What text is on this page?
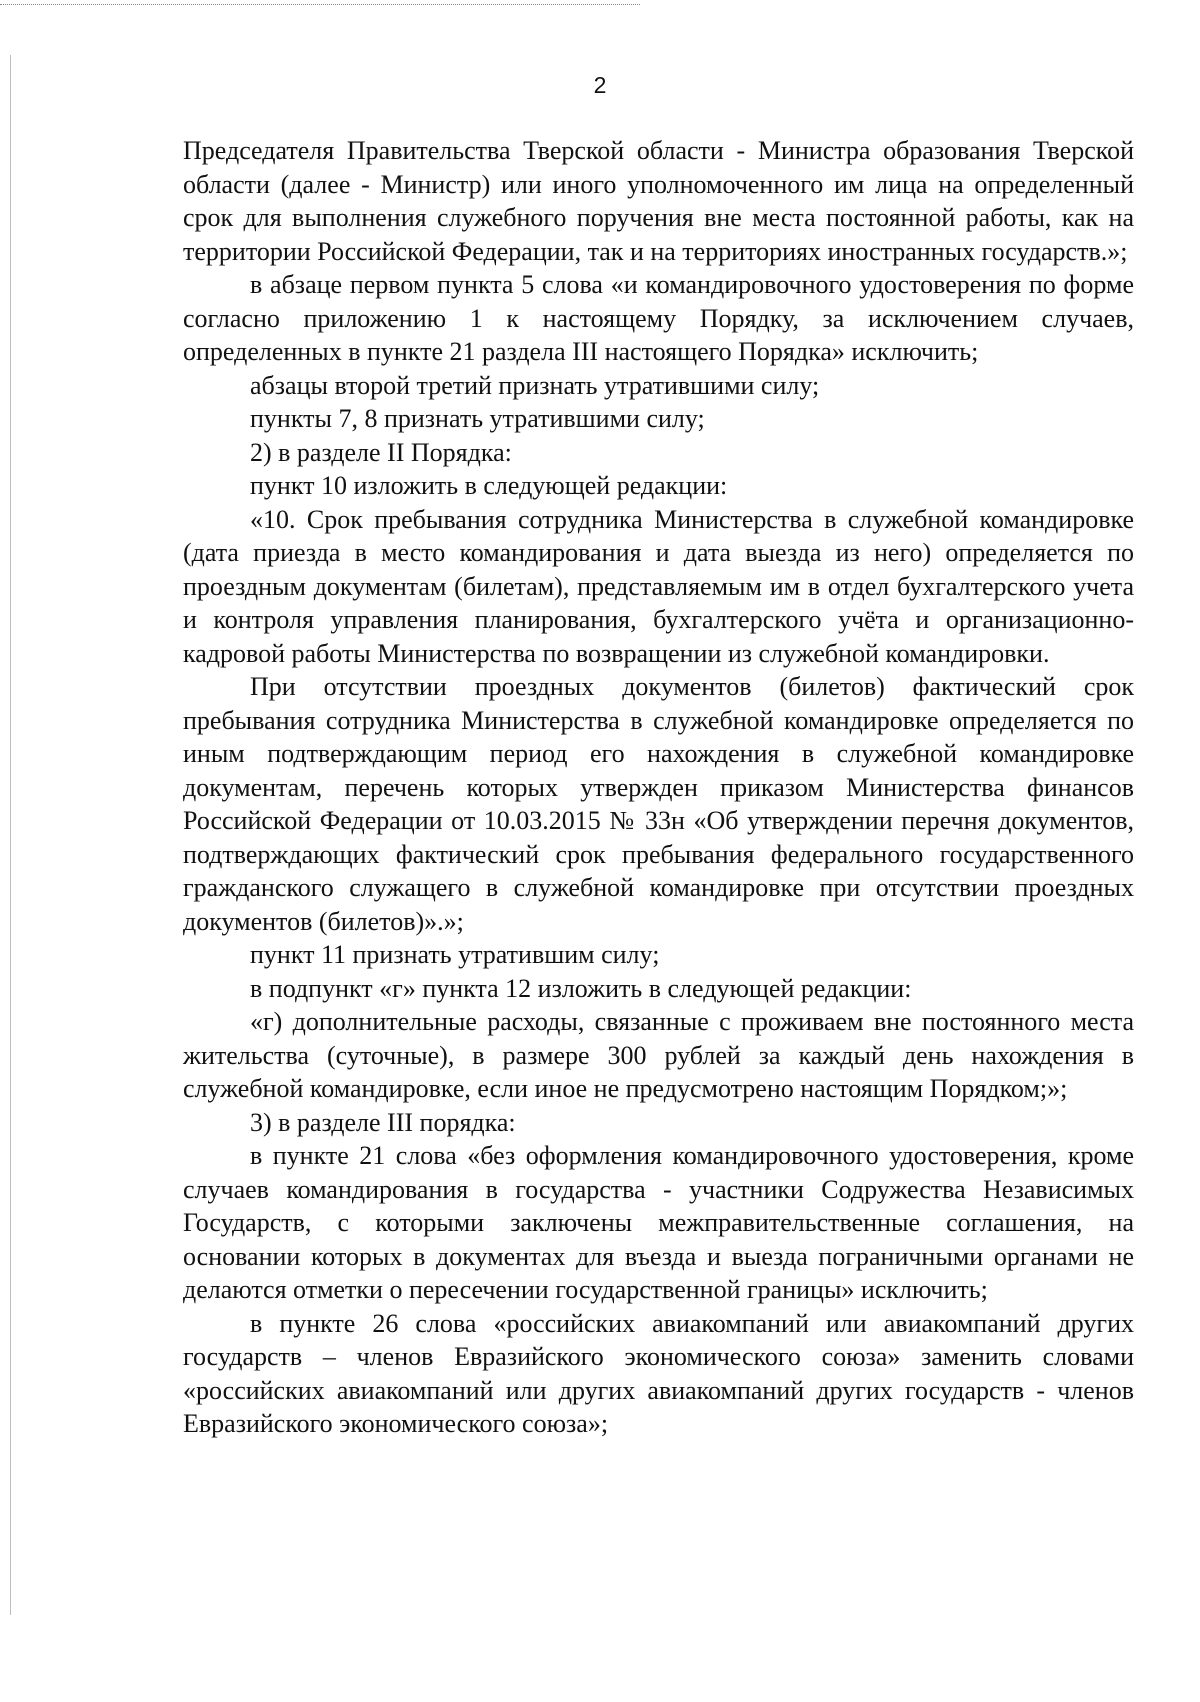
2

Председателя Правительства Тверской области - Министра образования Тверской области (далее - Министр) или иного уполномоченного им лица на определенный срок для выполнения служебного поручения вне места постоянной работы, как на территории Российской Федерации, так и на территориях иностранных государств.»;

в абзаце первом пункта 5 слова «и командировочного удостоверения по форме согласно приложению 1 к настоящему Порядку, за исключением случаев, определенных в пункте 21 раздела III настоящего Порядка» исключить;

абзацы второй третий признать утратившими силу;

пункты 7, 8 признать утратившими силу;

2) в разделе II Порядка:

пункт 10 изложить в следующей редакции:

«10. Срок пребывания сотрудника Министерства в служебной командировке (дата приезда в место командирования и дата выезда из него) определяется по проездным документам (билетам), представляемым им в отдел бухгалтерского учета и контроля управления планирования, бухгалтерского учёта и организационно-кадровой работы Министерства по возвращении из служебной командировки.

При отсутствии проездных документов (билетов) фактический срок пребывания сотрудника Министерства в служебной командировке определяется по иным подтверждающим период его нахождения в служебной командировке документам, перечень которых утвержден приказом Министерства финансов Российской Федерации от 10.03.2015 № 33н «Об утверждении перечня документов, подтверждающих фактический срок пребывания федерального государственного гражданского служащего в служебной командировке при отсутствии проездных документов (билетов)».»;

пункт 11 признать утратившим силу;

в подпункт «г» пункта 12 изложить в следующей редакции:

«г) дополнительные расходы, связанные с проживаем вне постоянного места жительства (суточные), в размере 300 рублей за каждый день нахождения в служебной командировке, если иное не предусмотрено настоящим Порядком;»;

3) в разделе III порядка:

в пункте 21 слова «без оформления командировочного удостоверения, кроме случаев командирования в государства - участники Содружества Независимых Государств, с которыми заключены межправительственные соглашения, на основании которых в документах для въезда и выезда пограничными органами не делаются отметки о пересечении государственной границы» исключить;

в пункте 26 слова «российских авиакомпаний или авиакомпаний других государств – членов Евразийского экономического союза» заменить словами «российских авиакомпаний или других авиакомпаний других государств - членов Евразийского экономического союза»;
